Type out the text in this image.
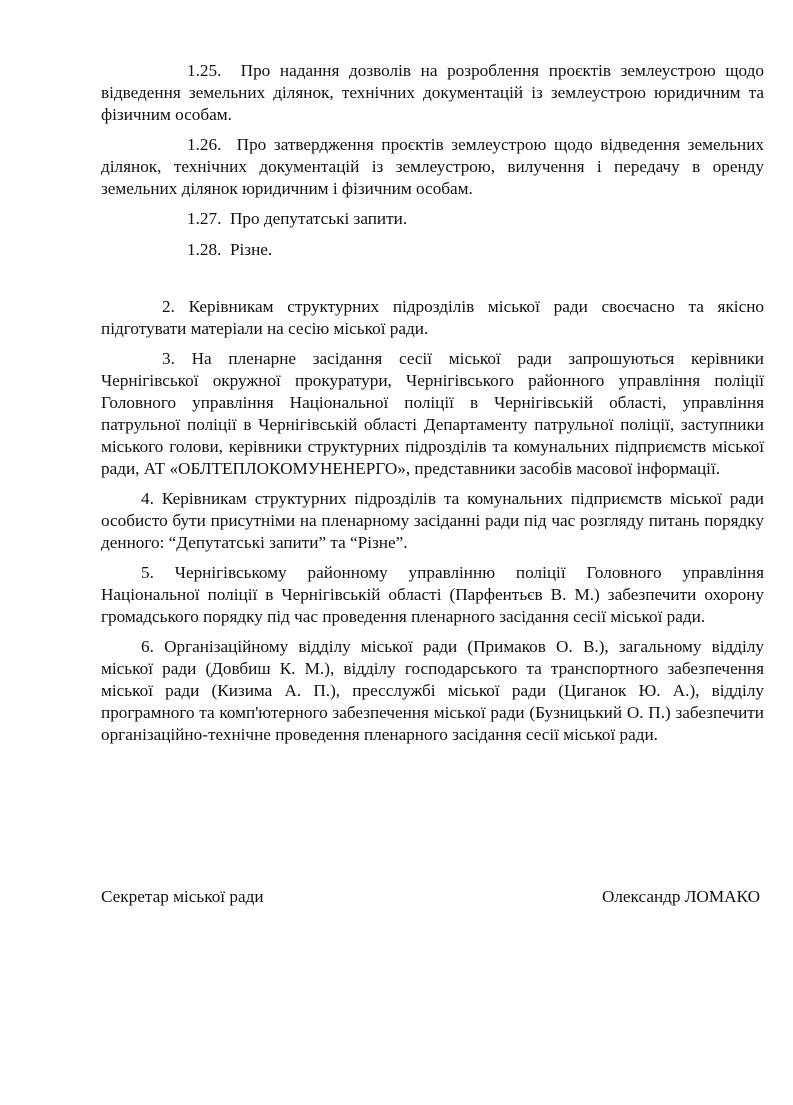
1.25. Про надання дозволів на розроблення проєктів землеустрою щодо відведення земельних ділянок, технічних документацій із землеустрою юридичним та фізичним особам.

1.26. Про затвердження проєктів землеустрою щодо відведення земельних ділянок, технічних документацій із землеустрою, вилучення і передачу в оренду земельних ділянок юридичним і фізичним особам.

1.27. Про депутатські запити.

1.28. Різне.

2. Керівникам структурних підрозділів міської ради своєчасно та якісно підготувати матеріали на сесію міської ради.

3. На пленарне засідання сесії міської ради запрошуються керівники Чернігівської окружної прокуратури, Чернігівського районного управління поліції Головного управління Національної поліції в Чернігівській області, управління патрульної поліції в Чернігівській області Департаменту патрульної поліції, заступники міського голови, керівники структурних підрозділів та комунальних підприємств міської ради, АТ «ОБЛТЕПЛОКОМУНЕНЕРГО», представники засобів масової інформації.

4. Керівникам структурних підрозділів та комунальних підприємств міської ради особисто бути присутніми на пленарному засіданні ради під час розгляду питань порядку денного: “Депутатські запити” та “Різне”.

5. Чернігівському районному управлінню поліції Головного управління Національної поліції в Чернігівській області (Парфентьєв В. М.) забезпечити охорону громадського порядку під час проведення пленарного засідання сесії міської ради.

6. Організаційному відділу міської ради (Примаков О. В.), загальному відділу міської ради (Довбиш К. М.), відділу господарського та транспортного забезпечення міської ради (Кизима А. П.), пресслужбі міської ради (Циганок Ю. А.), відділу програмного та комп'ютерного забезпечення міської ради (Бузницький О. П.) забезпечити організаційно-технічне проведення пленарного засідання сесії міської ради.

Секретар міської ради	Олександр ЛОМАКО
